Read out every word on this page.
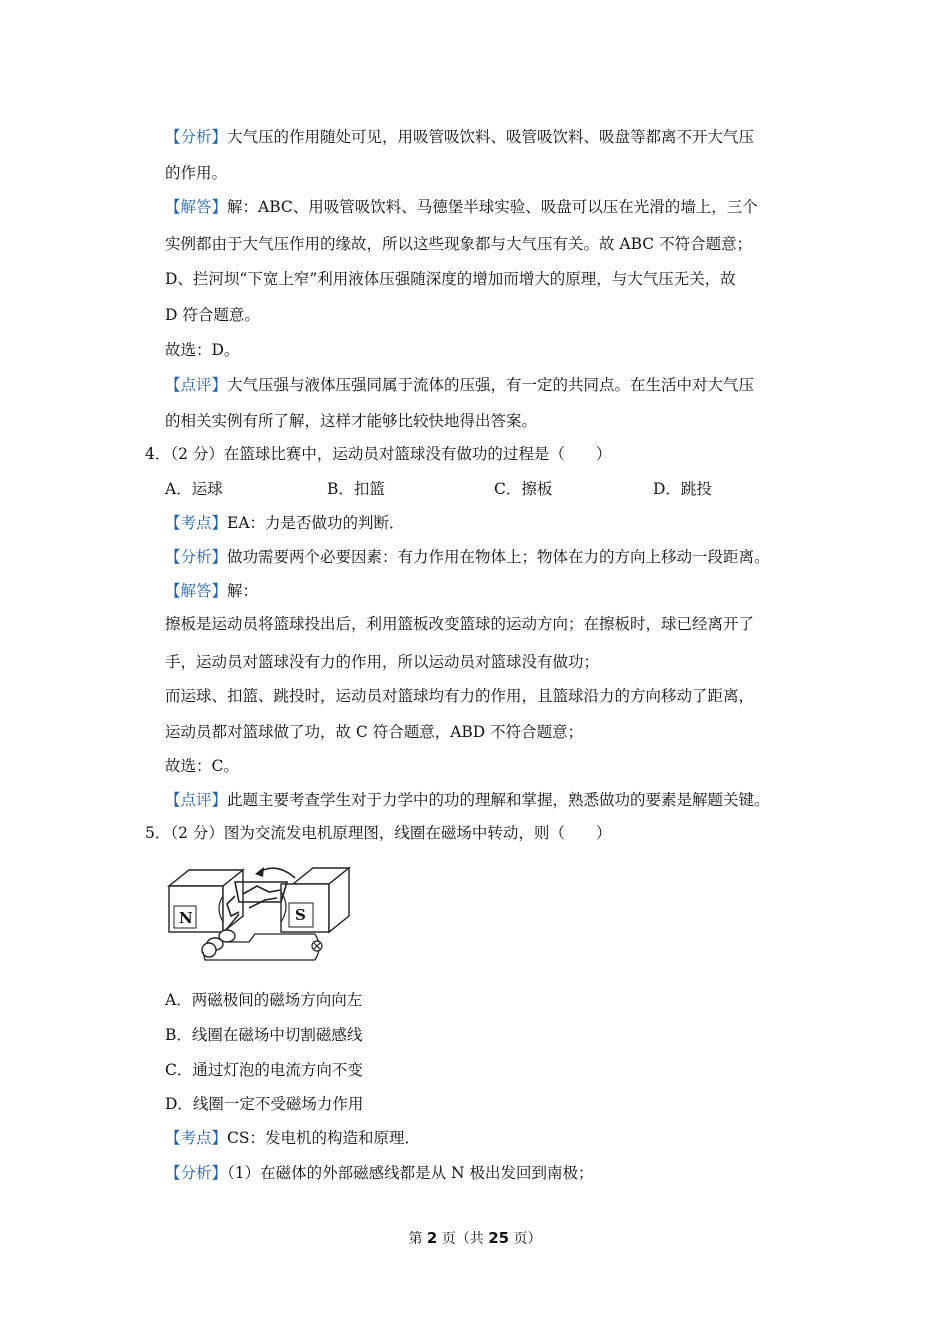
【分析】大气压的作用随处可见，用吸管吸饮料、吸管吸饮料、吸盘等都离不开大气压
的作用。
【解答】解：ABC、用吸管吸饮料、马德堡半球实验、吸盘可以压在光滑的墙上，三个
实例都由于大气压作用的缘故，所以这些现象都与大气压有关。故 ABC 不符合题意；
D、拦河坝“下宽上窄”利用液体压强随深度的增加而增大的原理，与大气压无关，故
D 符合题意。
故选：D。
【点评】大气压强与液体压强同属于流体的压强，有一定的共同点。在生活中对大气压
的相关实例有所了解，这样才能够比较快地得出答案。
4．（2 分）在篮球比赛中，运动员对篮球没有做功的过程是（　　）
A．运球	B．扣篮	C．擦板	D．跳投
【考点】EA：力是否做功的判断．
【分析】做功需要两个必要因素：有力作用在物体上；物体在力的方向上移动一段距离。
【解答】解：
擦板是运动员将篮球投出后，利用篮板改变篮球的运动方向；在擦板时，球已经离开了
手，运动员对篮球没有力的作用，所以运动员对篮球没有做功；
而运球、扣篮、跳投时，运动员对篮球均有力的作用，且篮球沿力的方向移动了距离，
运动员都对篮球做了功，故 C 符合题意，ABD 不符合题意；
故选：C。
【点评】此题主要考查学生对于力学中的功的理解和掌握，熟悉做功的要素是解题关键。
5．（2 分）图为交流发电机原理图，线圈在磁场中转动，则（　　）
N	S
A．两磁极间的磁场方向向左
B．线圈在磁场中切割磁感线
C．通过灯泡的电流方向不变
D．线圈一定不受磁场力作用
【考点】CS：发电机的构造和原理．
【分析】（1）在磁体的外部磁感线都是从 N 极出发回到南极；
第 2 页（共 25 页）
